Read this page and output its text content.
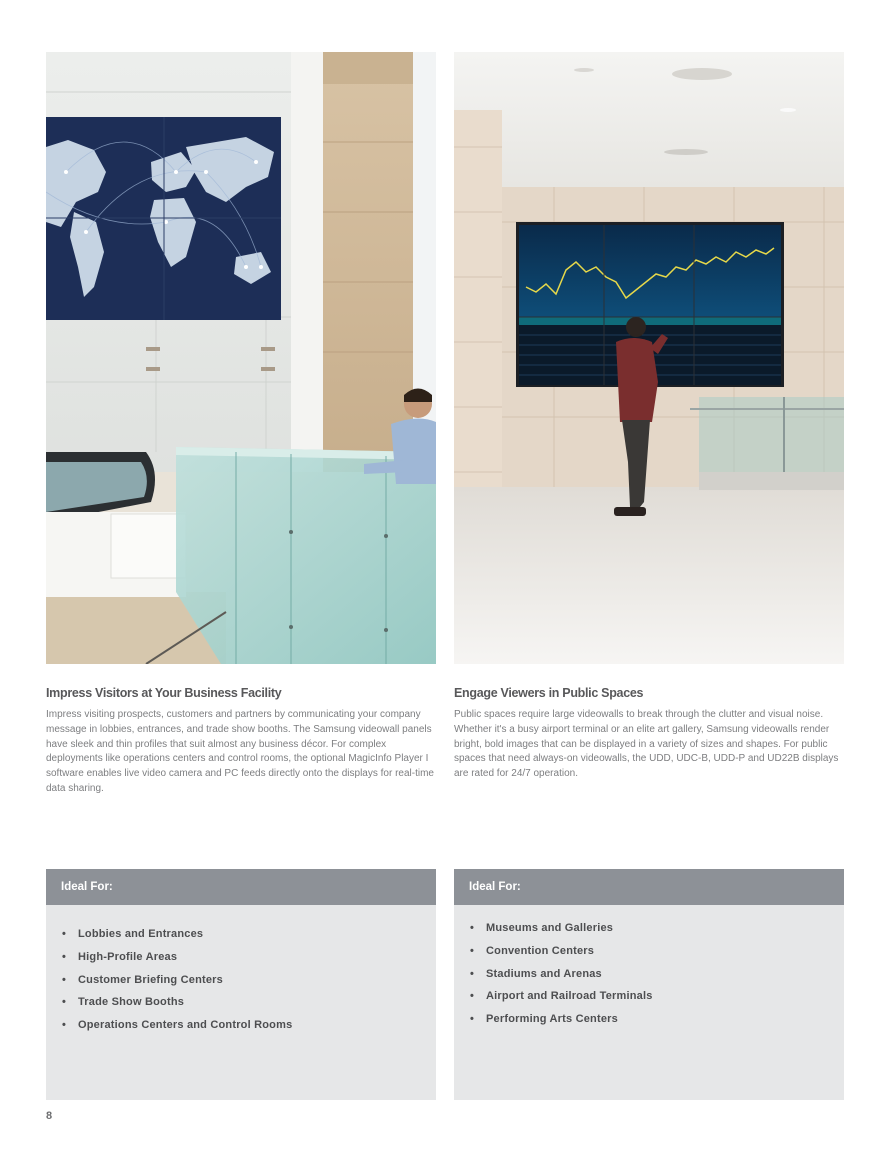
Impress Visitors at Your Business Facility

Impress visiting prospects, customers and partners by communicating your company message in lobbies, entrances, and trade show booths. The Samsung videowall panels have sleek and thin profiles that suit almost any business décor. For complex deployments like operations centers and control rooms, the optional MagicInfo Player I software enables live video camera and PC feeds directly onto the displays for real-time data sharing.

Engage Viewers in Public Spaces

Public spaces require large videowalls to break through the clutter and visual noise. Whether it's a busy airport terminal or an elite art gallery, Samsung videowalls render bright, bold images that can be displayed in a variety of sizes and shapes. For public spaces that need always-on videowalls, the UDD, UDC-B, UDD-P and UD22B displays are rated for 24/7 operation.

Ideal For:
• Lobbies and Entrances
• High-Profile Areas
• Customer Briefing Centers
• Trade Show Booths
• Operations Centers and Control Rooms
Ideal For:
• Museums and Galleries
• Convention Centers
• Stadiums and Arenas
• Airport and Railroad Terminals
• Performing Arts Centers
8
